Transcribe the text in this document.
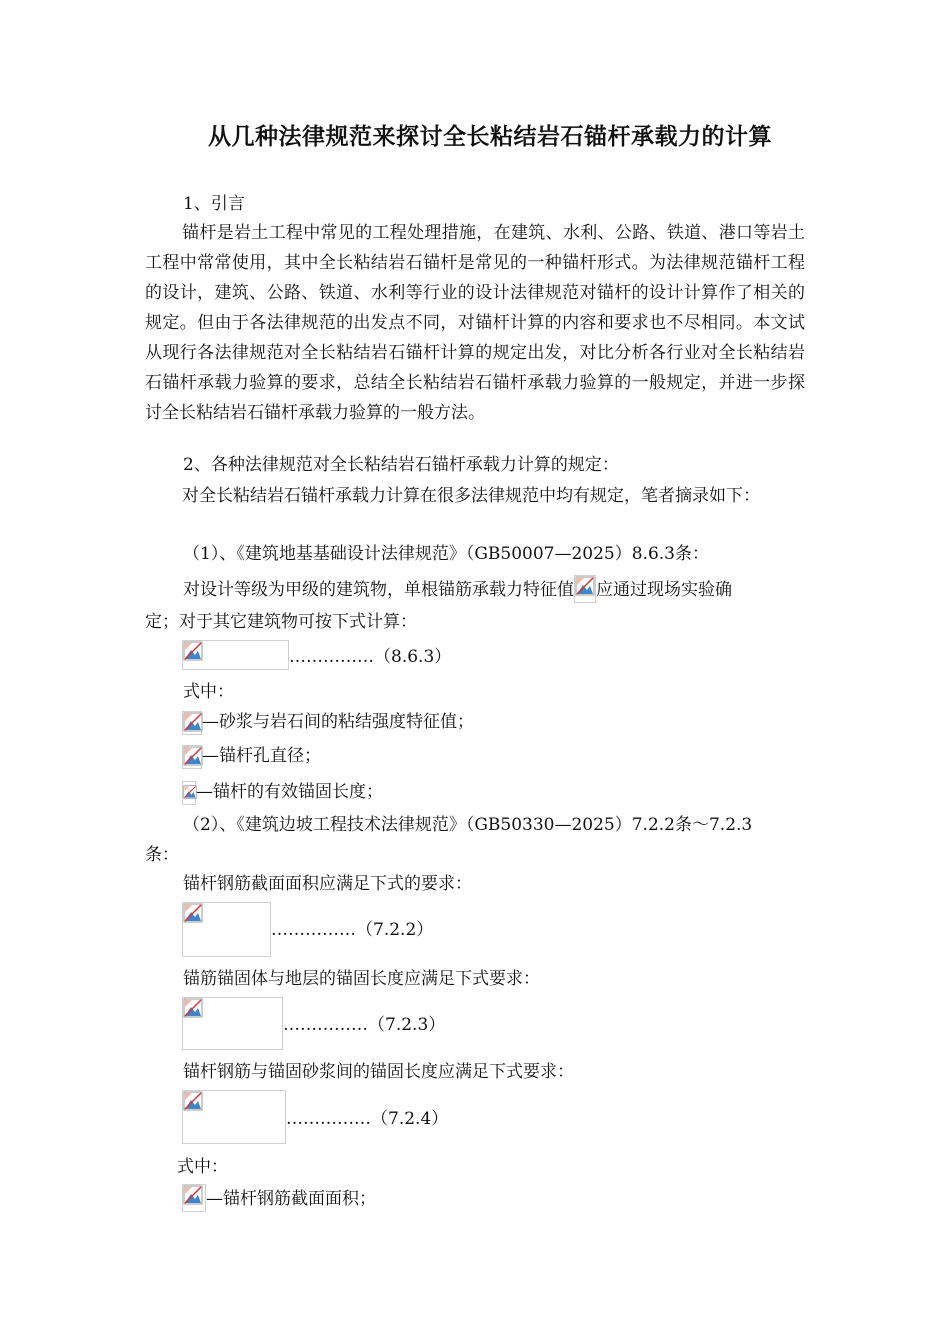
从几种法律规范来探讨全长粘结岩石锚杆承载力的计算
1、引言
锚杆是岩土工程中常见的工程处理措施，在建筑、水利、公路、铁道、港口等岩土工程中常常使用，其中全长粘结岩石锚杆是常见的一种锚杆形式。为法律规范锚杆工程的设计，建筑、公路、铁道、水利等行业的设计法律规范对锚杆的设计计算作了相关的规定。但由于各法律规范的出发点不同，对锚杆计算的内容和要求也不尽相同。本文试从现行各法律规范对全长粘结岩石锚杆计算的规定出发，对比分析各行业对全长粘结岩石锚杆承载力验算的要求，总结全长粘结岩石锚杆承载力验算的一般规定，并进一步探讨全长粘结岩石锚杆承载力验算的一般方法。
2、各种法律规范对全长粘结岩石锚杆承载力计算的规定：
对全长粘结岩石锚杆承载力计算在很多法律规范中均有规定，笔者摘录如下：
（1）、《建筑地基基础设计法律规范》（GB50007—2025）8.6.3条：
对设计等级为甲级的建筑物，单根锚筋承载力特征值 应通过现场实验确
定；对于其它建筑物可按下式计算：
……………（8.6.3）
式中：
—砂浆与岩石间的粘结强度特征值；
—锚杆孔直径；
—锚杆的有效锚固长度；
（2）、《建筑边坡工程技术法律规范》（GB50330—2025）7.2.2条～7.2.3
条：
锚杆钢筋截面面积应满足下式的要求：
……………（7.2.2）
锚筋锚固体与地层的锚固长度应满足下式要求：
……………（7.2.3）
锚杆钢筋与锚固砂浆间的锚固长度应满足下式要求：
……………（7.2.4）
式中：
—锚杆钢筋截面面积；
